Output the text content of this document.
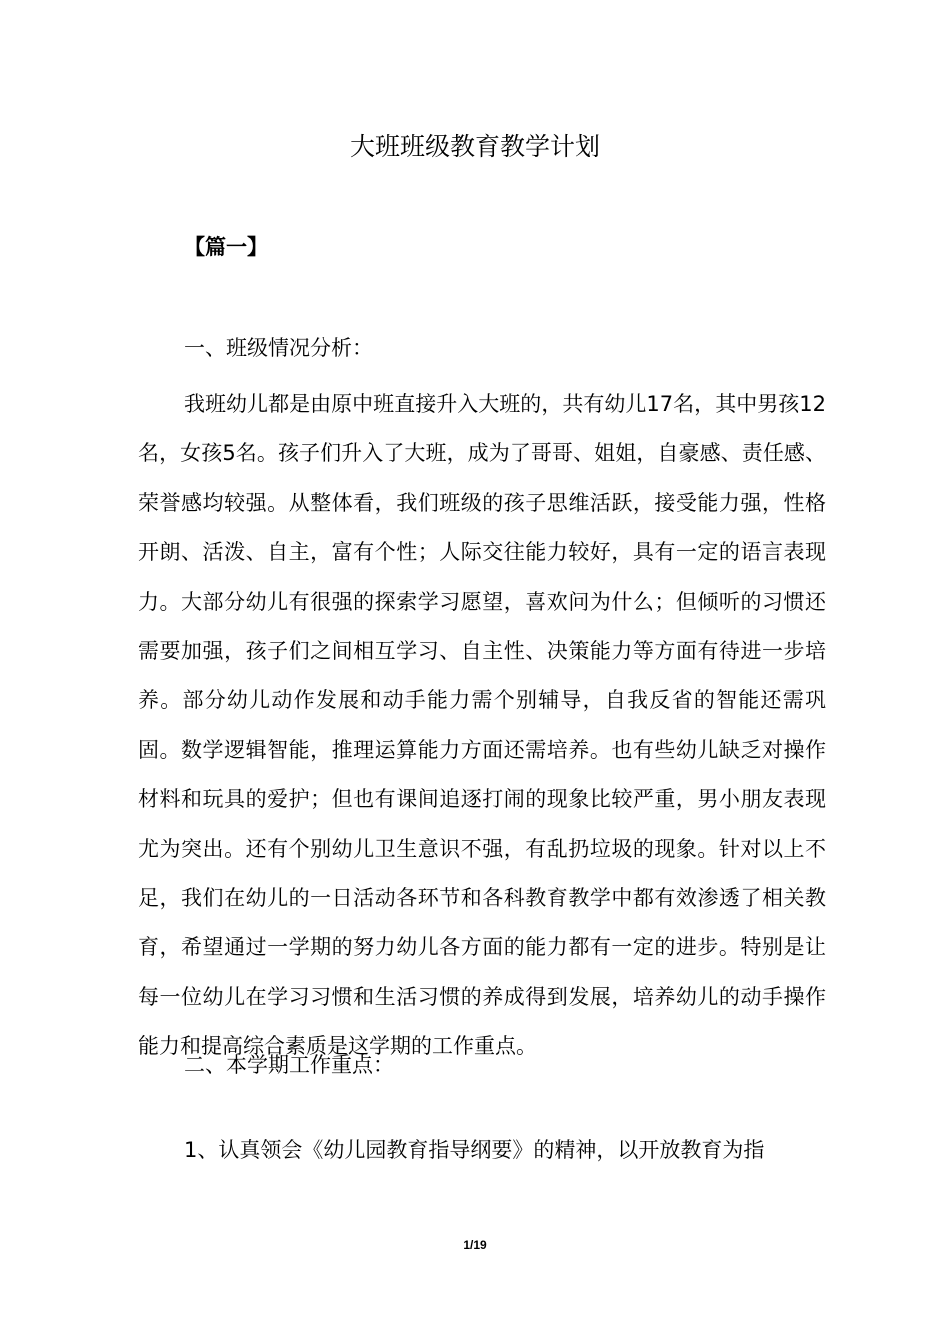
大班班级教育教学计划

【篇一】

一、班级情况分析：

我班幼儿都是由原中班直接升入大班的，共有幼儿17名，其中男孩12名，女孩5名。孩子们升入了大班，成为了哥哥、姐姐，自豪感、责任感、荣誉感均较强。从整体看，我们班级的孩子思维活跃，接受能力强，性格开朗、活泼、自主，富有个性；人际交往能力较好，具有一定的语言表现力。大部分幼儿有很强的探索学习愿望，喜欢问为什么；但倾听的习惯还需要加强，孩子们之间相互学习、自主性、决策能力等方面有待进一步培养。部分幼儿动作发展和动手能力需个别辅导，自我反省的智能还需巩固。数学逻辑智能，推理运算能力方面还需培养。也有些幼儿缺乏对操作材料和玩具的爱护；但也有课间追逐打闹的现象比较严重，男小朋友表现尤为突出。还有个别幼儿卫生意识不强，有乱扔垃圾的现象。针对以上不足，我们在幼儿的一日活动各环节和各科教育教学中都有效渗透了相关教育，希望通过一学期的努力幼儿各方面的能力都有一定的进步。特别是让每一位幼儿在学习习惯和生活习惯的养成得到发展，培养幼儿的动手操作能力和提高综合素质是这学期的工作重点。

二、本学期工作重点：

1、认真领会《幼儿园教育指导纲要》的精神，以开放教育为指

1/19
